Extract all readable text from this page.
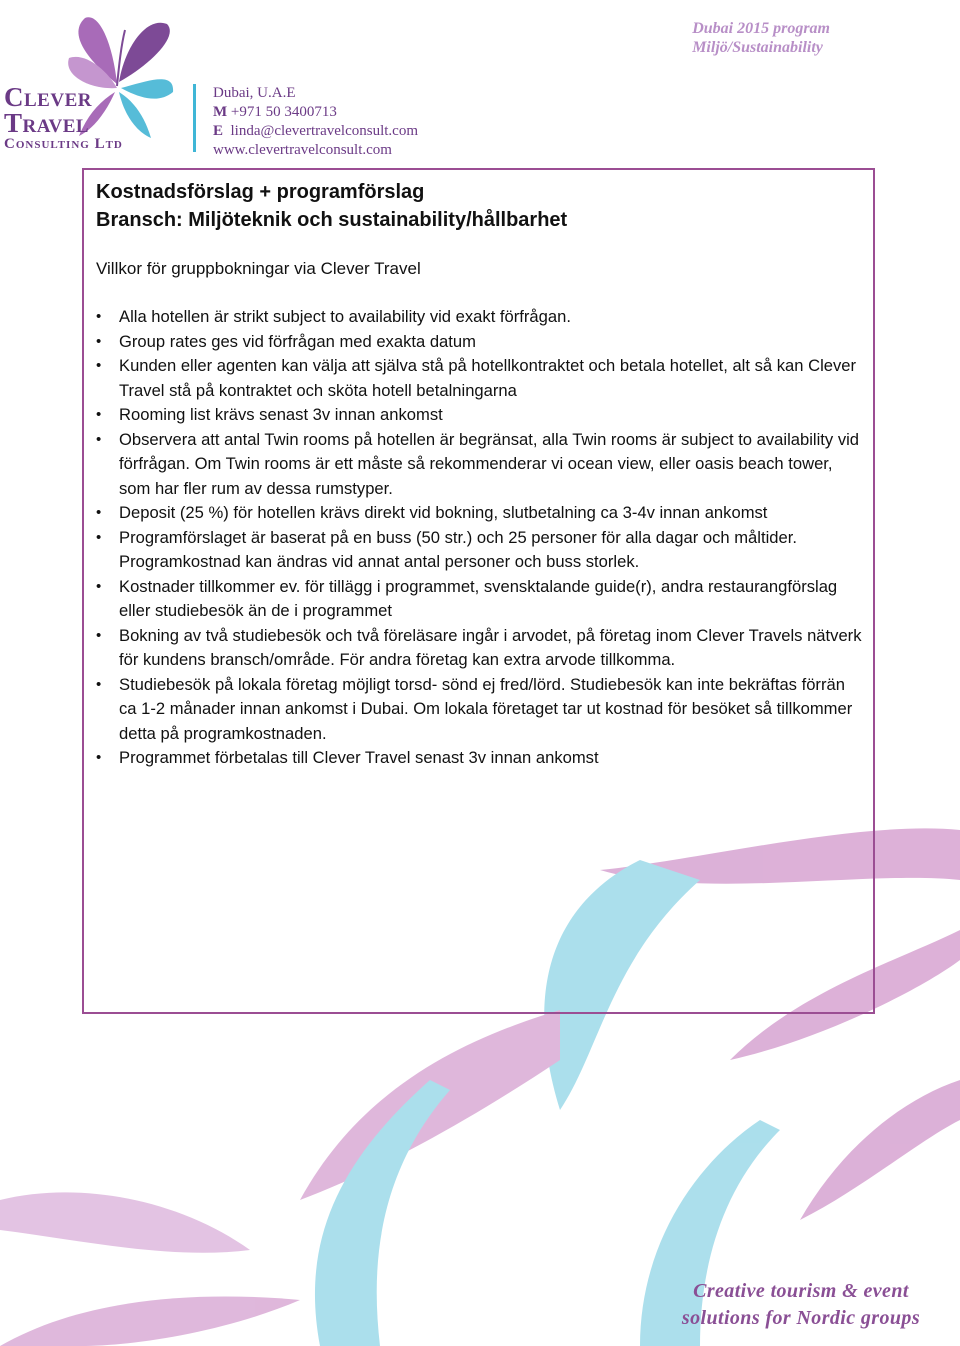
Clever
Travel
Consulting Ltd
Dubai, U.A.E
M +971 50 3400713
E linda@clevertravelconsult.com
www.clevertravelconsult.com
Dubai 2015 program
Miljö/Sustainability
Kostnadsförslag + programförslag
Bransch: Miljöteknik och sustainability/hållbarhet
Villkor för gruppbokningar via Clever Travel
• Alla hotellen är strikt subject to availability vid exakt förfrågan.
• Group rates ges vid förfrågan med exakta datum
• Kunden eller agenten kan välja att själva stå på hotellkontraktet och betala hotellet, alt så kan Clever Travel stå på kontraktet och sköta hotell betalningarna
• Rooming list krävs senast 3v innan ankomst
• Observera att antal Twin rooms på hotellen är begränsat, alla Twin rooms är subject to availability vid förfrågan. Om Twin rooms är ett måste så rekommenderar vi ocean view, eller oasis beach tower, som har fler rum av dessa rumstyper.
• Deposit (25 %) för hotellen krävs direkt vid bokning, slutbetalning ca 3-4v innan ankomst
• Programförslaget är baserat på en buss (50 str.) och 25 personer för alla dagar och måltider. Programkostnad kan ändras vid annat antal personer och buss storlek.
• Kostnader tillkommer ev. för tillägg i programmet, svensktalande guide(r), andra restaurangförslag eller studiebesök än de i programmet
• Bokning av två studiebesök och två föreläsare ingår i arvodet, på företag inom Clever Travels nätverk för kundens bransch/område. För andra företag kan extra arvode tillkomma.
• Studiebesök på lokala företag möjligt torsd- sönd ej fred/lörd. Studiebesök kan inte bekräftas förrän ca 1-2 månader innan ankomst i Dubai. Om lokala företaget tar ut kostnad för besöket så tillkommer detta på programkostnaden.
• Programmet förbetalas till Clever Travel senast 3v innan ankomst
Creative tourism & event
solutions for Nordic groups
